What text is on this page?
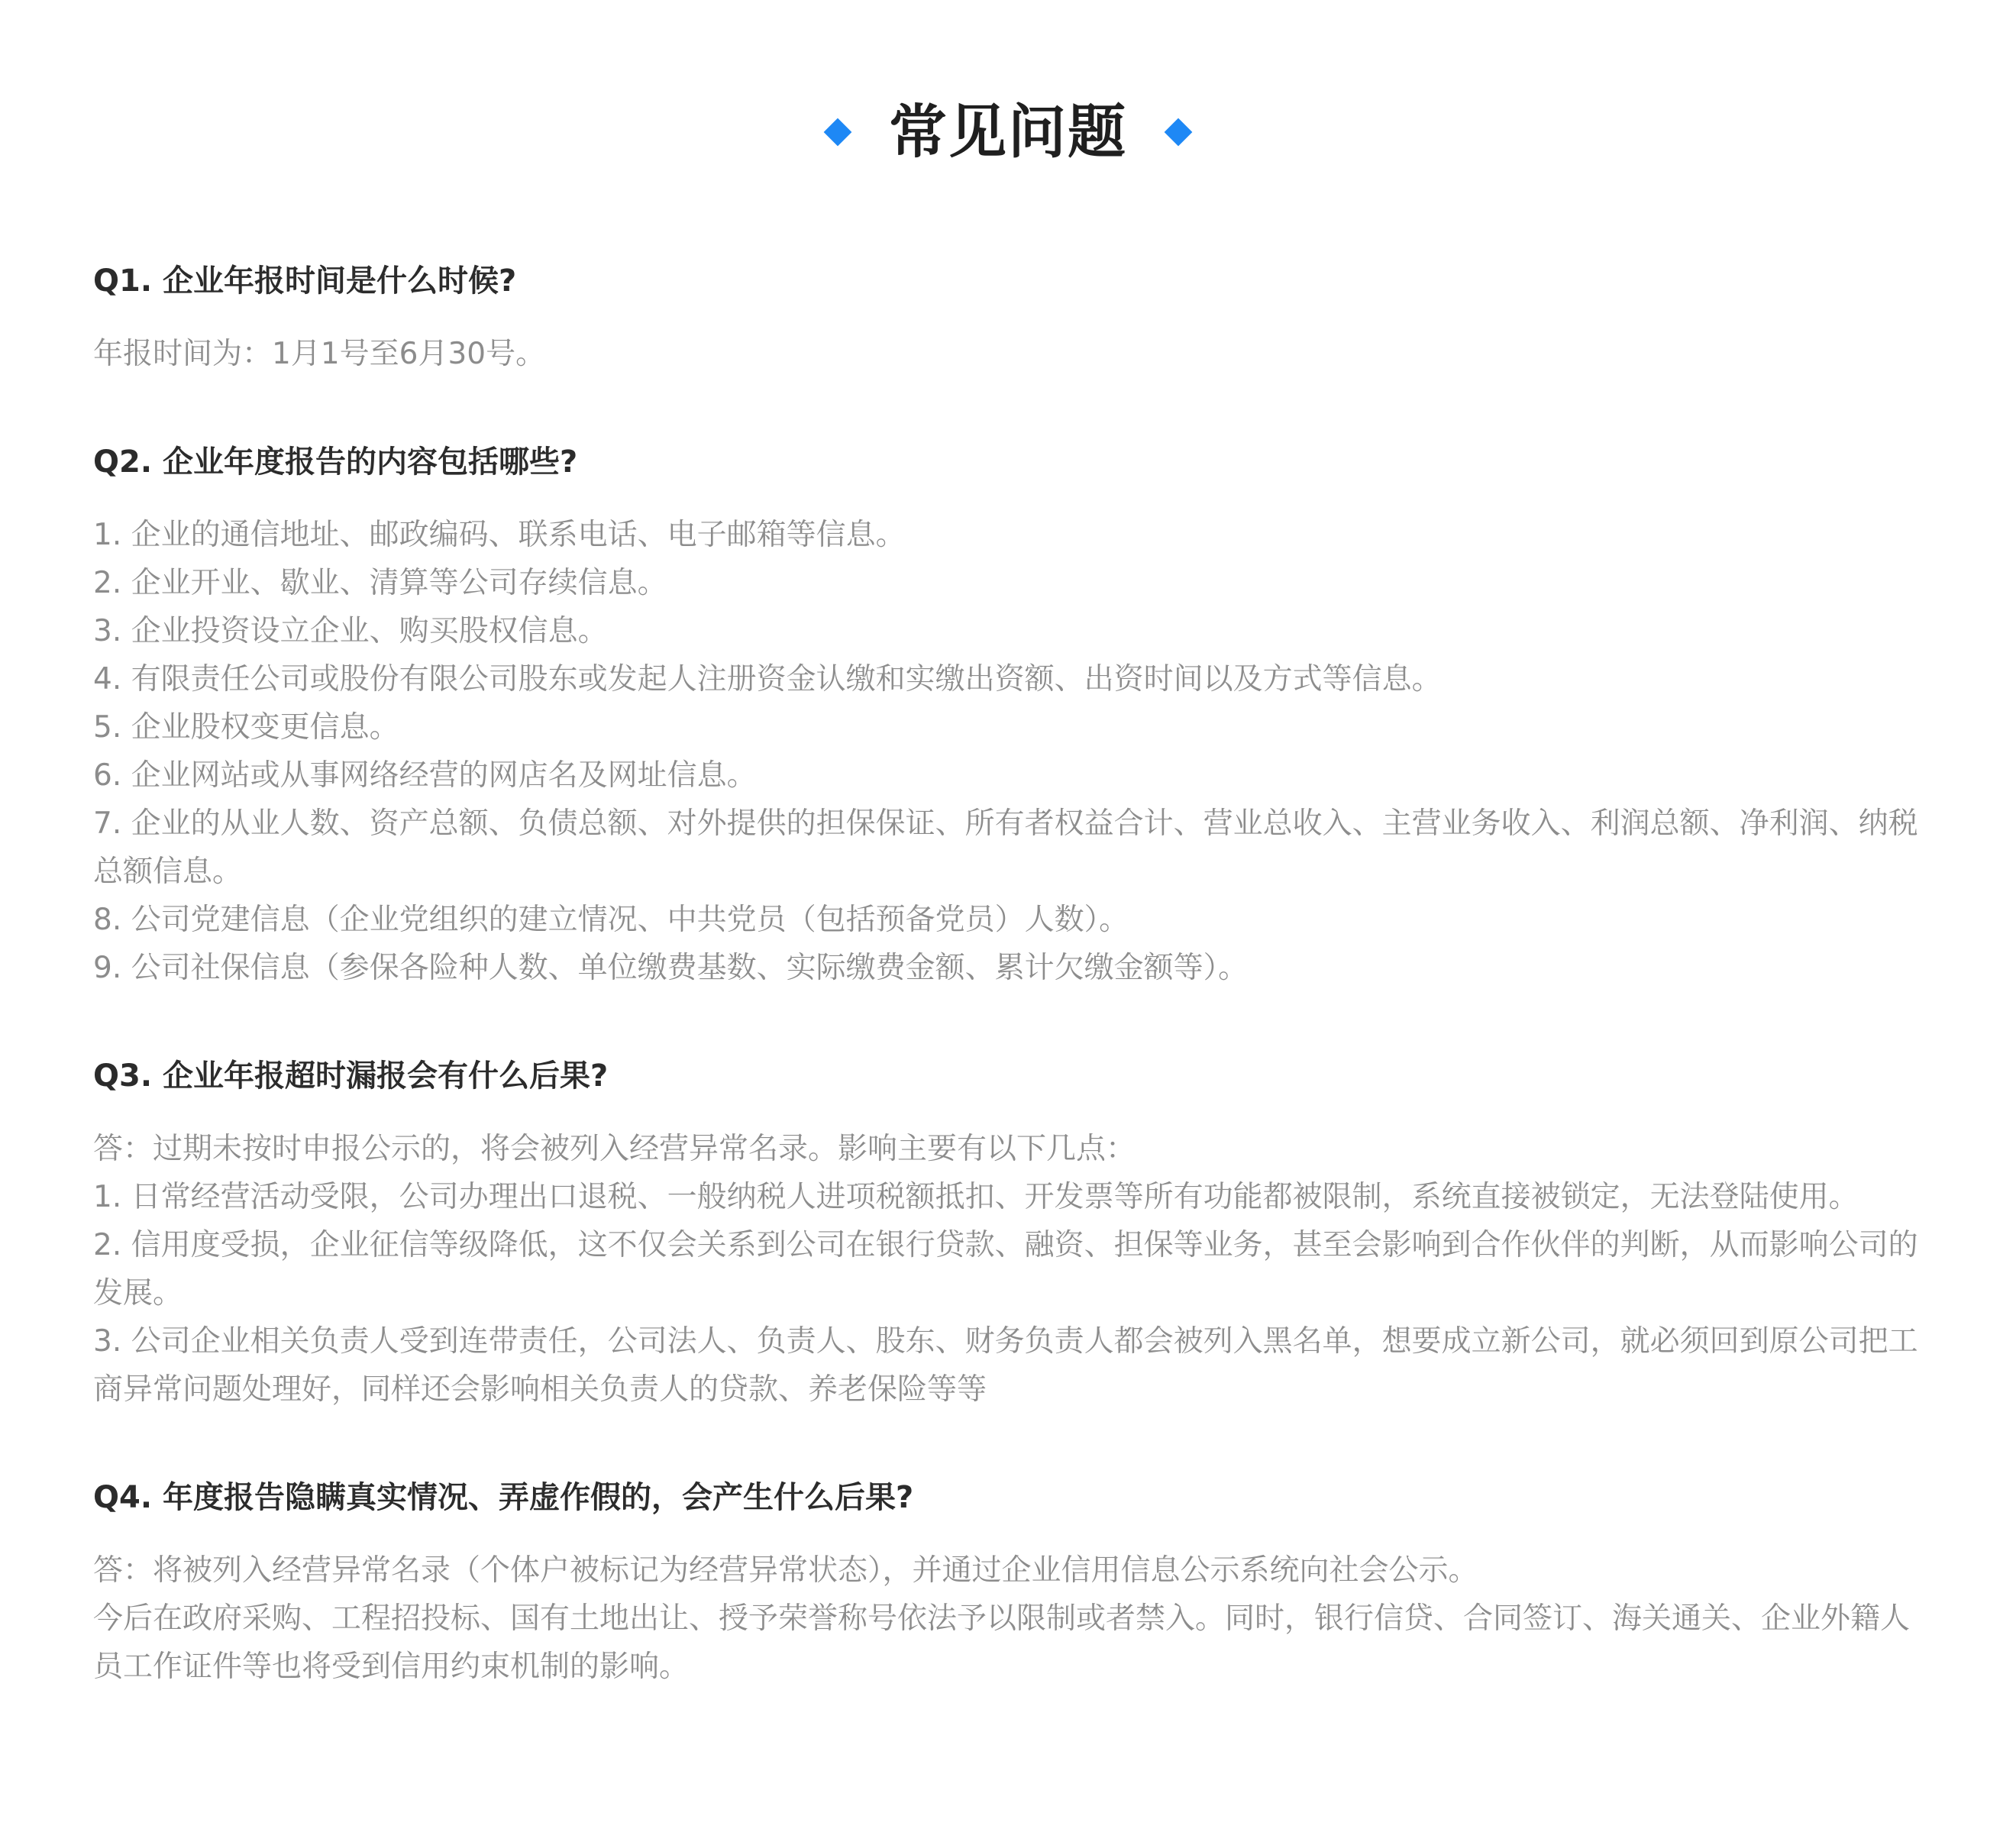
常见问题
Q1. 企业年报时间是什么时候?

年报时间为：1月1号至6月30号。

Q2. 企业年度报告的内容包括哪些?

1. 企业的通信地址、邮政编码、联系电话、电子邮箱等信息。

2. 企业开业、歇业、清算等公司存续信息。

3. 企业投资设立企业、购买股权信息。

4. 有限责任公司或股份有限公司股东或发起人注册资金认缴和实缴出资额、出资时间以及方式等信息。

5. 企业股权变更信息。

6. 企业网站或从事网络经营的网店名及网址信息。

7. 企业的从业人数、资产总额、负债总额、对外提供的担保保证、所有者权益合计、营业总收入、主营业务收入、利润总额、净利润、纳税总额信息。

8. 公司党建信息（企业党组织的建立情况、中共党员（包括预备党员）人数）。

9. 公司社保信息（参保各险种人数、单位缴费基数、实际缴费金额、累计欠缴金额等）。

Q3. 企业年报超时漏报会有什么后果?

答：过期未按时申报公示的，将会被列入经营异常名录。影响主要有以下几点：

1. 日常经营活动受限，公司办理出口退税、一般纳税人进项税额抵扣、开发票等所有功能都被限制，系统直接被锁定，无法登陆使用。

2. 信用度受损，企业征信等级降低，这不仅会关系到公司在银行贷款、融资、担保等业务，甚至会影响到合作伙伴的判断，从而影响公司的发展。

3. 公司企业相关负责人受到连带责任，公司法人、负责人、股东、财务负责人都会被列入黑名单，想要成立新公司，就必须回到原公司把工商异常问题处理好，同样还会影响相关负责人的贷款、养老保险等等

Q4. 年度报告隐瞒真实情况、弄虚作假的，会产生什么后果?

答：将被列入经营异常名录（个体户被标记为经营异常状态），并通过企业信用信息公示系统向社会公示。

今后在政府采购、工程招投标、国有土地出让、授予荣誉称号依法予以限制或者禁入。同时，银行信贷、合同签订、海关通关、企业外籍人员工作证件等也将受到信用约束机制的影响。
